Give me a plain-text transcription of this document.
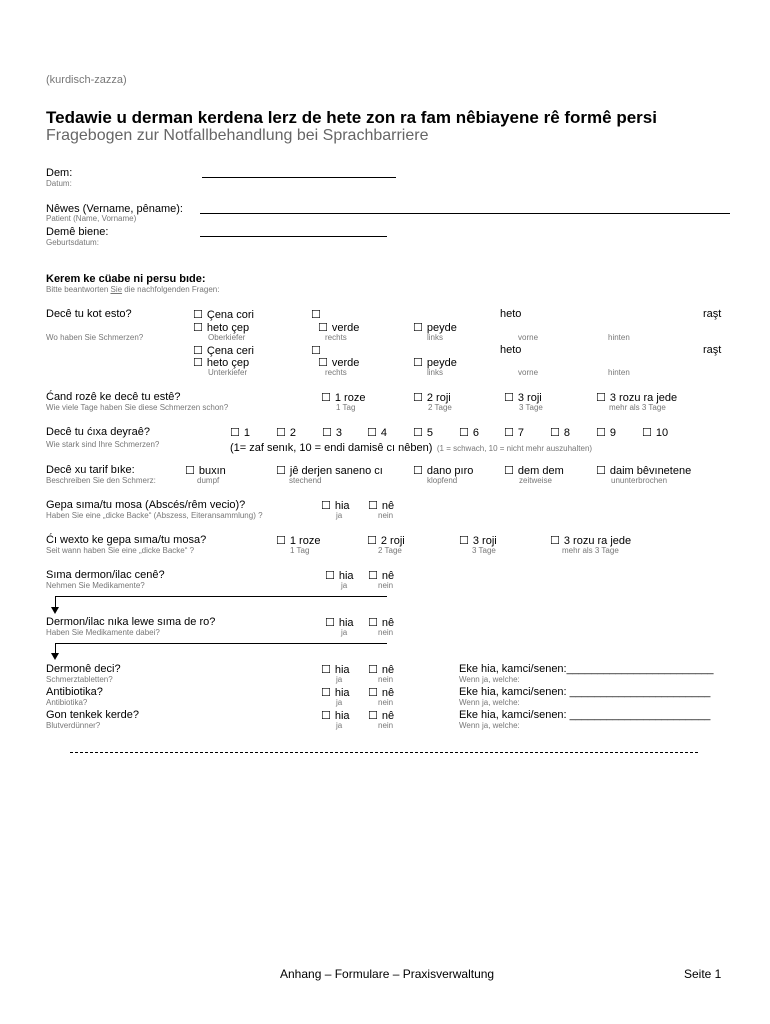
(kurdisch-zazza)
Tedawie u derman kerdena lerz de hete zon ra fam nêbiayene rê formê persi
Fragebogen zur Notfallbehandlung bei Sprachbarriere
Dem:
Datum:
Nêwes (Vername, pêname):
Patient (Name, Vorname)
Demê biene:
Geburtsdatum:
Kerem ke cüabe ni persu bıde:
Bitte beantworten Sie die nachfolgenden Fragen:
Decê tu kot esto?
Wo haben Sie Schmerzen?
☐ Çena cori ☐	heto	raşt
☐ heto çep	☐ verde	☐ peyde
Oberkiefer	rechts	links	vorne	hinten
☐ Çena ceri ☐	heto	raşt
☐ heto çep	☐ verde	☐ peyde
Unterkiefer	rechts	links	vorne	hinten
Ćand rozê ke decê tu estê?
Wie viele Tage haben Sie diese Schmerzen schon?
☐ 1 roze	☐ 2 roji	☐ 3 roji	☐ 3 rozu ra jede
1 Tag	2 Tage	3 Tage	mehr als 3 Tage
Decê tu ćıxa deyraê?
Wie stark sind Ihre Schmerzen?
☐ 1	☐ 2	☐ 3	☐ 4	☐ 5	☐ 6	☐ 7	☐ 8	☐ 9	☐ 10
(1= zaf senık, 10 = endi damisê cı nêben) (1 = schwach, 10 = nicht mehr auszuhalten)
Decê xu tarif bıke:
Beschreiben Sie den Schmerz:
☐ buxın	☐ jê derjen saneno cı	☐ dano pıro	☐ dem dem	☐ daim bêvınetene
dumpf	stechend	klopfend	zeitweise	ununterbrochen
Gepa sıma/tu mosa (Abscés/rêm vecio)?
Haben Sie eine „dicke Backe“ (Abszess, Eiteransammlung) ?
☐ hia	☐ nê
ja	nein
Ćı wexto ke gepa sıma/tu mosa?
Seit wann haben Sie eine „dicke Backe“ ?
☐ 1 roze	☐ 2 roji	☐ 3 roji	☐ 3 rozu ra jede
1 Tag	2 Tage	3 Tage	mehr als 3 Tage
Sıma dermon/ilac cenê?
Nehmen Sie Medikamente?
☐ hia	☐ nê
ja	nein
Dermon/ilac nıka lewe sıma de ro?
Haben Sie Medikamente dabei?
☐ hia	☐ nê
ja	nein
Dermonê deci?
Schmerztabletten?
☐ hia	☐ nê
ja	nein
Eke hia, kamci/senen:________________________
Wenn ja, welche:
Antibiotika?
Antibiotika?
☐ hia	☐ nê
ja	nein
Eke hia, kamci/senen: _______________________
Wenn ja, welche:
Gon tenkek kerde?
Blutverdünner?
☐ hia	☐ nê
ja	nein
Eke hia, kamci/senen: _______________________
Wenn ja, welche:
Anhang – Formulare – Praxisverwaltung	Seite 1
